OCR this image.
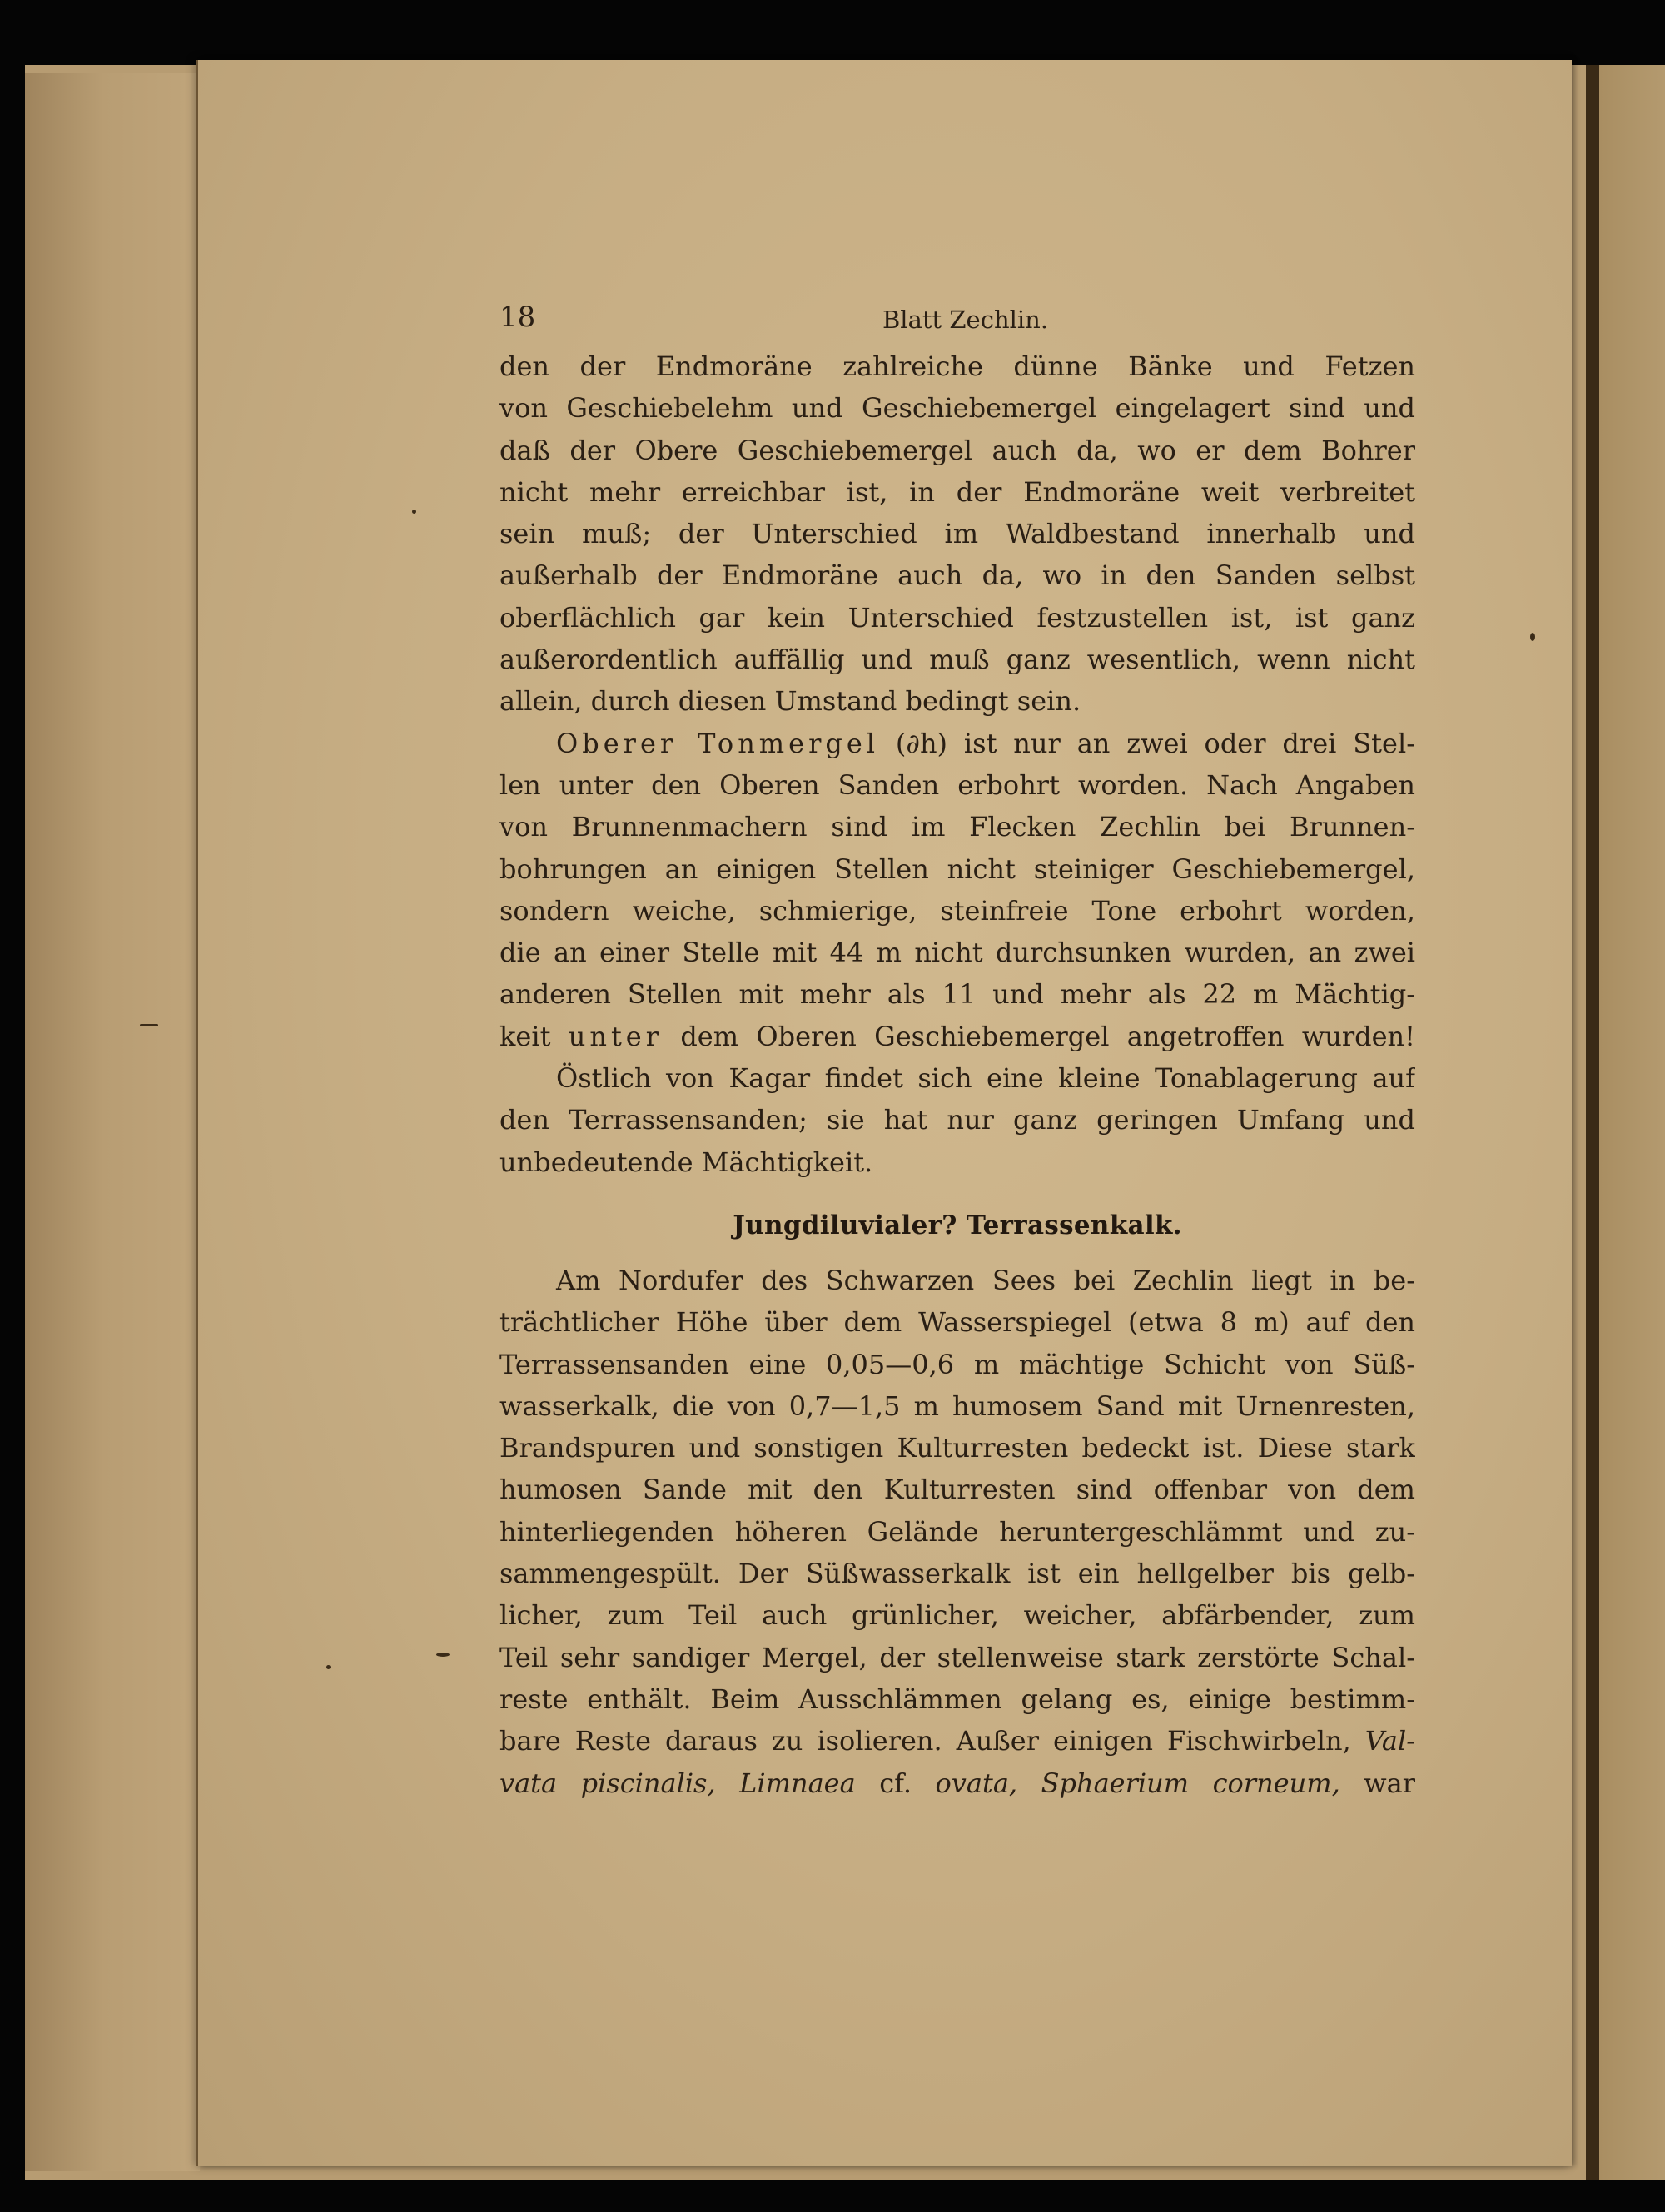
18	Blatt Zechlin.
den der Endmoräne zahlreiche dünne Bänke und Fetzen
von Geschiebelehm und Geschiebemergel eingelagert sind und
daß der Obere Geschiebemergel auch da, wo er dem Bohrer
nicht mehr erreichbar ist, in der Endmoräne weit verbreitet
sein muß; der Unterschied im Waldbestand innerhalb und
außerhalb der Endmoräne auch da, wo in den Sanden selbst
oberflächlich gar kein Unterschied festzustellen ist, ist ganz
außerordentlich auffällig und muß ganz wesentlich, wenn nicht
allein, durch diesen Umstand bedingt sein.
Oberer Tonmergel (∂h) ist nur an zwei oder drei Stel-
len unter den Oberen Sanden erbohrt worden. Nach Angaben
von Brunnenmachern sind im Flecken Zechlin bei Brunnen-
bohrungen an einigen Stellen nicht steiniger Geschiebemergel,
sondern weiche, schmierige, steinfreie Tone erbohrt worden,
die an einer Stelle mit 44 m nicht durchsunken wurden, an zwei
anderen Stellen mit mehr als 11 und mehr als 22 m Mächtig-
keit unter dem Oberen Geschiebemergel angetroffen wurden!
Östlich von Kagar findet sich eine kleine Tonablagerung auf
den Terrassensanden; sie hat nur ganz geringen Umfang und
unbedeutende Mächtigkeit.
Jungdiluvialer? Terrassenkalk.
Am Nordufer des Schwarzen Sees bei Zechlin liegt in be-
trächtlicher Höhe über dem Wasserspiegel (etwa 8 m) auf den
Terrassensanden eine 0,05—0,6 m mächtige Schicht von Süß-
wasserkalk, die von 0,7—1,5 m humosem Sand mit Urnenresten,
Brandspuren und sonstigen Kulturresten bedeckt ist. Diese stark
humosen Sande mit den Kulturresten sind offenbar von dem
hinterliegenden höheren Gelände heruntergeschlämmt und zu-
sammengespült. Der Süßwasserkalk ist ein hellgelber bis gelb-
licher, zum Teil auch grünlicher, weicher, abfärbender, zum
Teil sehr sandiger Mergel, der stellenweise stark zerstörte Schal-
reste enthält. Beim Ausschlämmen gelang es, einige bestimm-
bare Reste daraus zu isolieren. Außer einigen Fischwirbeln, Val-
vata piscinalis, Limnaea cf. ovata, Sphaerium corneum, war
